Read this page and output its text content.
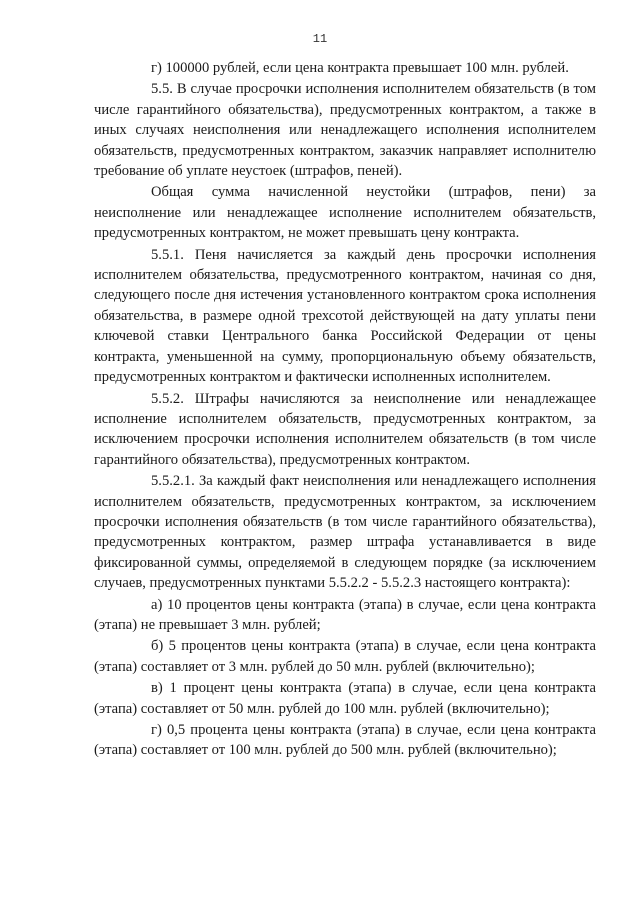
11

г) 100000 рублей, если цена контракта превышает 100 млн. рублей.

5.5. В случае просрочки исполнения исполнителем обязательств (в том числе гарантийного обязательства), предусмотренных контрактом, а также в иных случаях неисполнения или ненадлежащего исполнения исполнителем обязательств, предусмотренных контрактом, заказчик направляет исполнителю требование об уплате неустоек (штрафов, пеней).

Общая сумма начисленной неустойки (штрафов, пени) за неисполнение или ненадлежащее исполнение исполнителем обязательств, предусмотренных контрактом, не может превышать цену контракта.

5.5.1. Пеня начисляется за каждый день просрочки исполнения исполнителем обязательства, предусмотренного контрактом, начиная со дня, следующего после дня истечения установленного контрактом срока исполнения обязательства, в размере одной трехсотой действующей на дату уплаты пени ключевой ставки Центрального банка Российской Федерации от цены контракта, уменьшенной на сумму, пропорциональную объему обязательств, предусмотренных контрактом и фактически исполненных исполнителем.

5.5.2. Штрафы начисляются за неисполнение или ненадлежащее исполнение исполнителем обязательств, предусмотренных контрактом, за исключением просрочки исполнения исполнителем обязательств (в том числе гарантийного обязательства), предусмотренных контрактом.

5.5.2.1. За каждый факт неисполнения или ненадлежащего исполнения исполнителем обязательств, предусмотренных контрактом, за исключением просрочки исполнения обязательств (в том числе гарантийного обязательства), предусмотренных контрактом, размер штрафа устанавливается в виде фиксированной суммы, определяемой в следующем порядке (за исключением случаев, предусмотренных пунктами 5.5.2.2 - 5.5.2.3 настоящего контракта):

а) 10 процентов цены контракта (этапа) в случае, если цена контракта (этапа) не превышает 3 млн. рублей;

б) 5 процентов цены контракта (этапа) в случае, если цена контракта (этапа) составляет от 3 млн. рублей до 50 млн. рублей (включительно);

в) 1 процент цены контракта (этапа) в случае, если цена контракта (этапа) составляет от 50 млн. рублей до 100 млн. рублей (включительно);

г) 0,5 процента цены контракта (этапа) в случае, если цена контракта (этапа) составляет от 100 млн. рублей до 500 млн. рублей (включительно);
